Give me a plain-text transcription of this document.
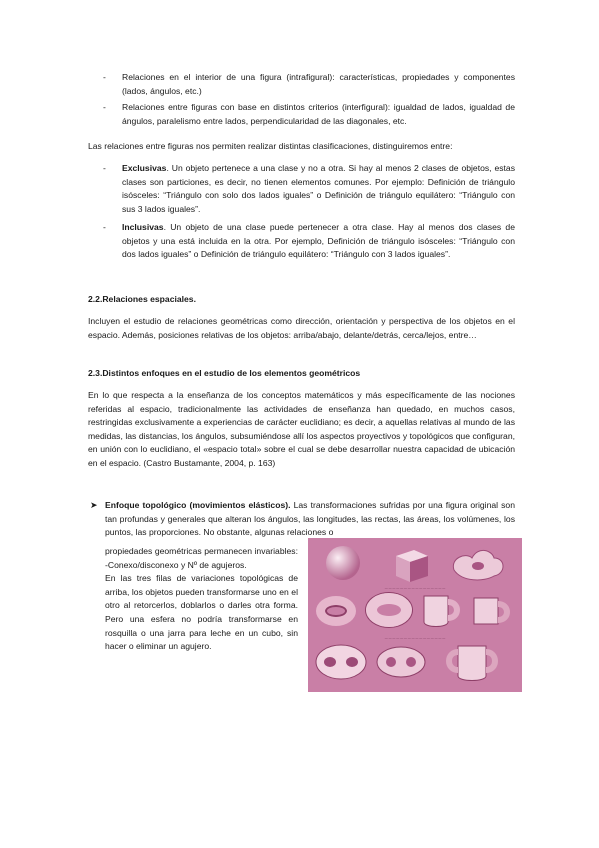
- Relaciones en el interior de una figura (intrafigural): características, propiedades y componentes (lados, ángulos, etc.)
- Relaciones entre figuras con base en distintos criterios (interfigural): igualdad de lados, igualdad de ángulos, paralelismo entre lados, perpendicularidad de las diagonales, etc.
Las relaciones entre figuras nos permiten realizar distintas clasificaciones, distinguiremos entre:
- Exclusivas. Un objeto pertenece a una clase y no a otra. Si hay al menos 2 clases de objetos, estas clases son particiones, es decir, no tienen elementos comunes. Por ejemplo: Definición de triángulo isósceles: “Triángulo con solo dos lados iguales” o Definición de triángulo equilátero: “Triángulo con sus 3 lados iguales”.
- Inclusivas. Un objeto de una clase puede pertenecer a otra clase. Hay al menos dos clases de objetos y una está incluida en la otra. Por ejemplo, Definición de triángulo isósceles: “Triángulo con dos lados iguales” o Definición de triángulo equilátero: “Triángulo con 3 lados iguales”.
2.2.Relaciones espaciales.
Incluyen el estudio de relaciones geométricas como dirección, orientación y perspectiva de los objetos en el espacio. Además, posiciones relativas de los objetos: arriba/abajo, delante/detrás, cerca/lejos, entre…
2.3.Distintos enfoques en el estudio de los elementos geométricos
En lo que respecta a la enseñanza de los conceptos matemáticos y más específicamente de las nociones referidas al espacio, tradicionalmente las actividades de enseñanza han quedado, en muchos casos, restringidas exclusivamente a experiencias de carácter euclidiano; es decir, a aquellas relativas al mundo de las medidas, las distancias, los ángulos, subsumiéndose allí los aspectos proyectivos y topológicos que configuran, en unión con lo euclidiano, el «espacio total» sobre el cual se debe desarrollar nuestra capacidad de ubicación en el espacio. (Castro Bustamante, 2004, p. 163)
➤ Enfoque topológico (movimientos elásticos). Las transformaciones sufridas por una figura original son tan profundas y generales que alteran los ángulos, las longitudes, las rectas, las áreas, los volúmenes, los puntos, las proporciones. No obstante, algunas relaciones o
propiedades geométricas permanecen invariables: -Conexo/disconexo y Nº de agujeros.
En las tres filas de variaciones topológicas de arriba, los objetos pueden transformarse uno en el otro al retorcerlos, doblarlos o darles otra forma. Pero una esfera no podría transformarse en rosquilla o una jarra para leche en un cubo, sin hacer o eliminar un agujero.
— — — — — — — — — — — — — — — —
— — — — — — — — — — — — — — — —
